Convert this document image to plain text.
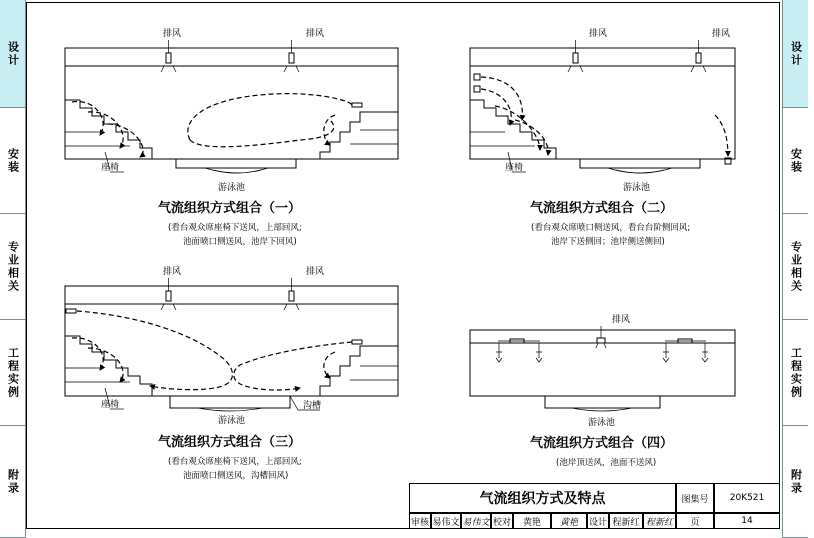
设计
安装
专业相关
工程实例
附录
设计
安装
专业相关
工程实例
附录
排风	排风
座椅
游泳池
气流组织方式组合（一）
(看台观众席座椅下送风，上部回风;
池面喷口侧送风，池岸下回风)
排风	排风
座椅
游泳池
气流组织方式组合（二）
(看台观众席喷口侧送风，看台台阶侧回风;
池岸下送侧回；池岸侧送侧回)
排风	排风
座椅	沟槽
游泳池
气流组织方式组合（三）
(看台观众席座椅下送风，上部回风;
池面喷口侧送风，沟槽回风)
排风
游泳池
气流组织方式组合（四）
(池岸顶送风，池面不送风)
气流组织方式及特点	图集号	20K521
审核 易伟文 易伟文 校对	黄艳	黄艳	设计 程新红 程新红	页	14
